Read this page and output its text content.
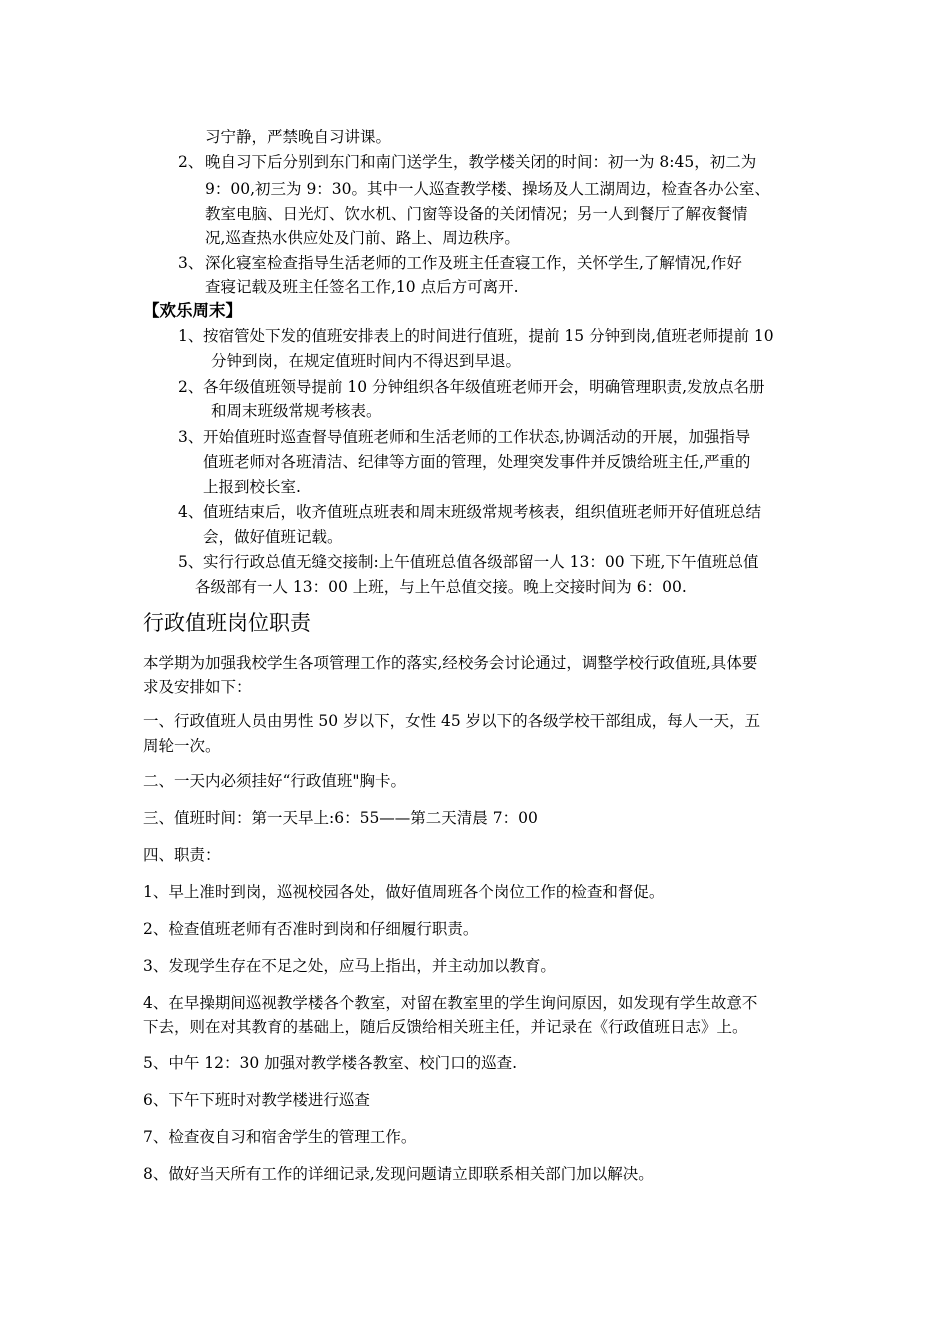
习宁静，严禁晚自习讲课。
2、 晚自习下后分别到东门和南门送学生，教学楼关闭的时间：初一为 8:45，初二为
9：00,初三为 9：30。其中一人巡查教学楼、操场及人工湖周边，检查各办公室、
教室电脑、日光灯、饮水机、门窗等设备的关闭情况；另一人到餐厅了解夜餐情
况,巡查热水供应处及门前、路上、周边秩序。
3、 深化寝室检查指导生活老师的工作及班主任查寝工作，关怀学生,了解情况,作好
查寝记载及班主任签名工作,10 点后方可离开.
【欢乐周末】
1、 按宿管处下发的值班安排表上的时间进行值班，提前 15 分钟到岗,值班老师提前 10
分钟到岗，在规定值班时间内不得迟到早退。
2、 各年级值班领导提前 10 分钟组织各年级值班老师开会，明确管理职责,发放点名册
和周末班级常规考核表。
3、 开始值班时巡查督导值班老师和生活老师的工作状态,协调活动的开展，加强指导
值班老师对各班清洁、纪律等方面的管理，处理突发事件并反馈给班主任,严重的
上报到校长室.
4、 值班结束后，收齐值班点班表和周末班级常规考核表，组织值班老师开好值班总结
会，做好值班记载。
5、 实行行政总值无缝交接制:上午值班总值各级部留一人 13：00 下班,下午值班总值
各级部有一人 13：00 上班，与上午总值交接。晚上交接时间为 6：00.
行政值班岗位职责
本学期为加强我校学生各项管理工作的落实,经校务会讨论通过，调整学校行政值班,具体要
求及安排如下：
一、行政值班人员由男性 50 岁以下，女性 45 岁以下的各级学校干部组成，每人一天，五
周轮一次。
二、一天内必须挂好“行政值班"胸卡。
三、值班时间：第一天早上:6：55——第二天清晨 7：00
四、职责：
1、早上准时到岗，巡视校园各处，做好值周班各个岗位工作的检查和督促。
2、检查值班老师有否准时到岗和仔细履行职责。
3、发现学生存在不足之处，应马上指出，并主动加以教育。
4、在早操期间巡视教学楼各个教室，对留在教室里的学生询问原因，如发现有学生故意不
下去，则在对其教育的基础上，随后反馈给相关班主任，并记录在《行政值班日志》上。
5、中午 12：30 加强对教学楼各教室、校门口的巡查.
6、下午下班时对教学楼进行巡查
7、检查夜自习和宿舍学生的管理工作。
8、做好当天所有工作的详细记录,发现问题请立即联系相关部门加以解决。
